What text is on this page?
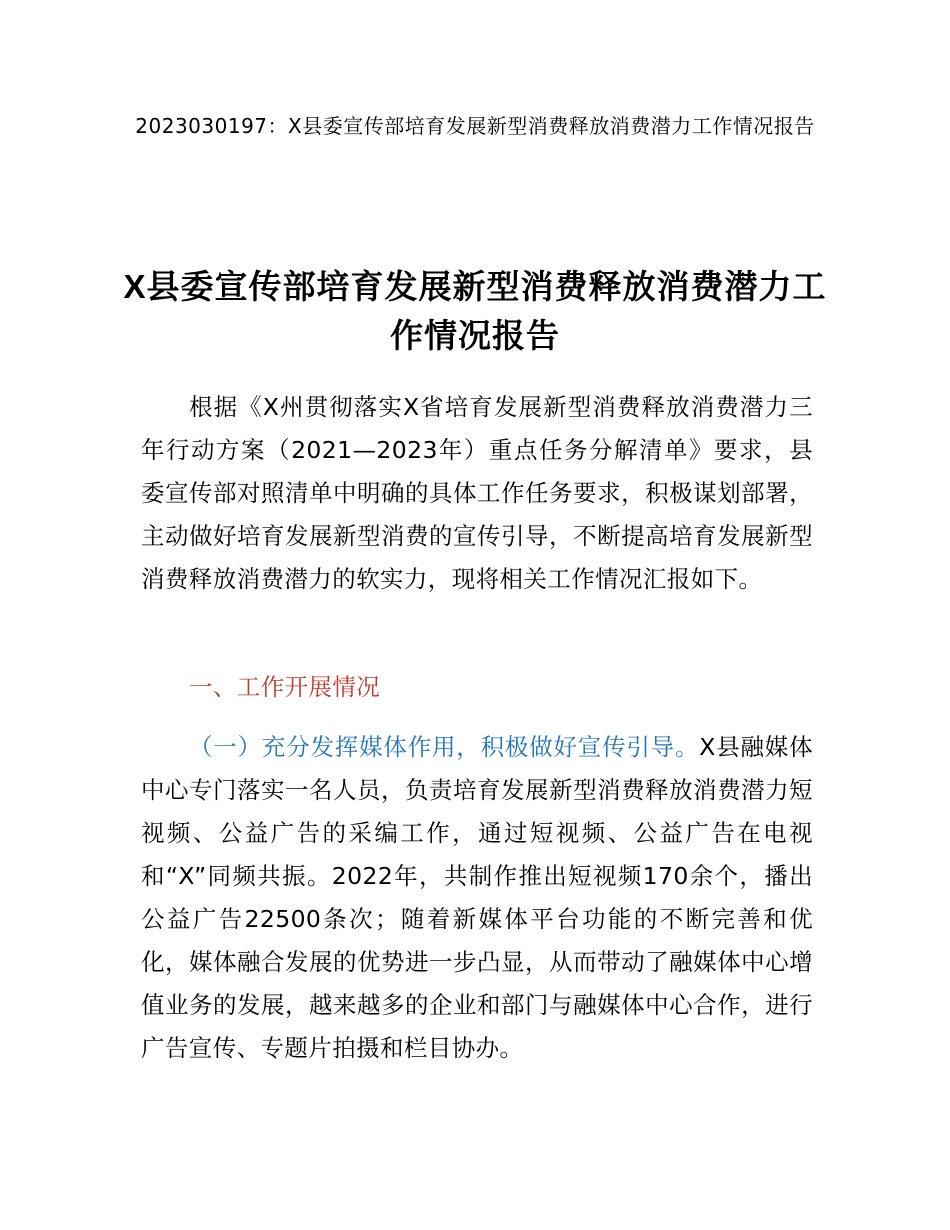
2023030197：X县委宣传部培育发展新型消费释放消费潜力工作情况报告
X县委宣传部培育发展新型消费释放消费潜力工作情况报告

根据《X州贯彻落实X省培育发展新型消费释放消费潜力三年行动方案（2021—2023年）重点任务分解清单》要求，县委宣传部对照清单中明确的具体工作任务要求，积极谋划部署，主动做好培育发展新型消费的宣传引导，不断提高培育发展新型消费释放消费潜力的软实力，现将相关工作情况汇报如下。

一、工作开展情况

（一）充分发挥媒体作用，积极做好宣传引导。X县融媒体中心专门落实一名人员，负责培育发展新型消费释放消费潜力短视频、公益广告的采编工作，通过短视频、公益广告在电视和“X”同频共振。2022年，共制作推出短视频170余个，播出公益广告22500条次；随着新媒体平台功能的不断完善和优化，媒体融合发展的优势进一步凸显，从而带动了融媒体中心增值业务的发展，越来越多的企业和部门与融媒体中心合作，进行广告宣传、专题片拍摄和栏目协办。
